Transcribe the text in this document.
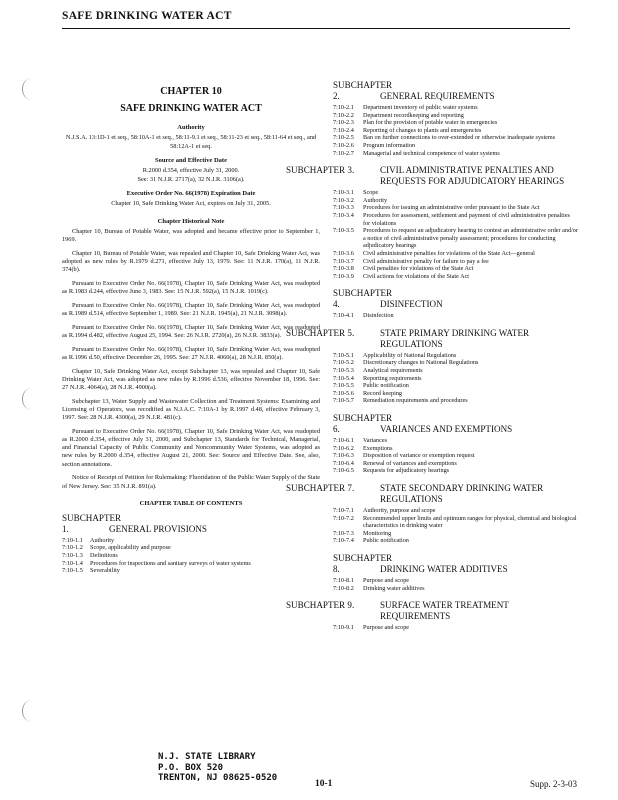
SAFE DRINKING WATER ACT
CHAPTER 10
SAFE DRINKING WATER ACT
Authority
N.J.S.A. 13:1D-1 et seq., 58:10A-1 et seq., 58:11-9.1 et seq., 58:11-23 et seq., 58:11-64 et seq., and 58:12A-1 et seq.
Source and Effective Date
R.2000 d.354, effective July 31, 2000.
See: 31 N.J.R. 2717(a), 32 N.J.R. 3106(a).
Executive Order No. 66(1978) Expiration Date
Chapter 10, Safe Drinking Water Act, expires on July 31, 2005.
Chapter Historical Note
Chapter 10, Bureau of Potable Water, was adopted and became effective prior to September 1, 1969.
Chapter 10, Bureau of Potable Water, was repealed and Chapter 10, Safe Drinking Water Act, was adopted as new rules by R.1979 d.271, effective July 13, 1979. See: 11 N.J.R. 170(a), 11 N.J.R. 374(b).
Pursuant to Executive Order No. 66(1978), Chapter 10, Safe Drinking Water Act, was readopted as R.1983 d.244, effective June 3, 1983. See: 15 N.J.R. 592(a), 15 N.J.R. 1019(c).
Pursuant to Executive Order No. 66(1978), Chapter 10, Safe Drinking Water Act, was readopted as R.1989 d.514, effective September 1, 1989. See: 21 N.J.R. 1945(a), 21 N.J.R. 3098(a).
Pursuant to Executive Order No. 66(1978), Chapter 10, Safe Drinking Water Act, was readopted as R.1994 d.482, effective August 25, 1994. See: 26 N.J.R. 2720(a), 26 N.J.R. 3833(a).
Pursuant to Executive Order No. 66(1978), Chapter 10, Safe Drinking Water Act, was readopted as R.1996 d.50, effective December 26, 1995. See: 27 N.J.R. 4060(a), 28 N.J.R. 850(a).
Chapter 10, Safe Drinking Water Act, except Subchapter 13, was repealed and Chapter 10, Safe Drinking Water Act, was adopted as new rules by R.1996 d.536, effective November 18, 1996. See: 27 N.J.R. 4064(a), 28 N.J.R. 4900(a).
Subchapter 13, Water Supply and Wastewater Collection and Treatment Systems: Examining and Licensing of Operators, was recodified as N.J.A.C. 7:10A-1 by R.1997 d.48, effective February 3, 1997. See: 28 N.J.R. 4300(a), 29 N.J.R. 481(c).
Pursuant to Executive Order No. 66(1978), Chapter 10, Safe Drinking Water Act, was readopted as R.2000 d.354, effective July 31, 2000, and Subchapter 13, Standards for Technical, Managerial, and Financial Capacity of Public Community and Noncommunity Water Systems, was adopted as new rules by R.2000 d.354, effective August 21, 2000. See: Source and Effective Date. See, also, section annotations.
Notice of Receipt of Petition for Rulemaking: Fluoridation of the Public Water Supply of the State of New Jersey. See: 35 N.J.R. 891(a).
CHAPTER TABLE OF CONTENTS
SUBCHAPTER 1.	GENERAL PROVISIONS
7:10-1.1	Authority
7:10-1.2	Scope, applicability and purpose
7:10-1.3	Definitions
7:10-1.4	Procedures for inspections and sanitary surveys of water systems
7:10-1.5	Severability
SUBCHAPTER 2.	GENERAL REQUIREMENTS
7:10-2.1	Department inventory of public water systems
7:10-2.2	Department recordkeeping and reporting
7:10-2.3	Plan for the provision of potable water in emergencies
7:10-2.4	Reporting of changes to plants and emergencies
7:10-2.5	Ban on further connections to over-extended or otherwise inadequate systems
7:10-2.6	Program information
7:10-2.7	Managerial and technical competence of water systems
SUBCHAPTER 3.	CIVIL ADMINISTRATIVE PENALTIES AND REQUESTS FOR ADJUDICATORY HEARINGS
7:10-3.1	Scope
7:10-3.2	Authority
7:10-3.3	Procedures for issuing an administrative order pursuant to the State Act
7:10-3.4	Procedures for assessment, settlement and payment of civil administrative penalties for violations
7:10-3.5	Procedures to request an adjudicatory hearing to contest an administrative order and/or a notice of civil administrative penalty assessment; procedures for conducting adjudicatory hearings
7:10-3.6	Civil administrative penalties for violations of the State Act—general
7:10-3.7	Civil administrative penalty for failure to pay a fee
7:10-3.8	Civil penalties for violations of the State Act
7:10-3.9	Civil actions for violations of the State Act
SUBCHAPTER 4.	DISINFECTION
7:10-4.1	Disinfection
SUBCHAPTER 5.	STATE PRIMARY DRINKING WATER REGULATIONS
7:10-5.1	Applicability of National Regulations
7:10-5.2	Discretionary changes to National Regulations
7:10-5.3	Analytical requirements
7:10-5.4	Reporting requirements
7:10-5.5	Public notification
7:10-5.6	Record keeping
7:10-5.7	Remediation requirements and procedures
SUBCHAPTER 6.	VARIANCES AND EXEMPTIONS
7:10-6.1	Variances
7:10-6.2	Exemptions
7:10-6.3	Disposition of variance or exemption request
7:10-6.4	Renewal of variances and exemptions
7:10-6.5	Requests for adjudicatory hearings
SUBCHAPTER 7.	STATE SECONDARY DRINKING WATER REGULATIONS
7:10-7.1	Authority, purpose and scope
7:10-7.2	Recommended upper limits and optimum ranges for physical, chemical and biological characteristics in drinking water
7:10-7.3	Monitoring
7:10-7.4	Public notification
SUBCHAPTER 8.	DRINKING WATER ADDITIVES
7:10-8.1	Purpose and scope
7:10-8.2	Drinking water additives
SUBCHAPTER 9.	SURFACE WATER TREATMENT REQUIREMENTS
7:10-9.1	Purpose and scope
N.J. STATE LIBRARY
P.O. BOX 520
TRENTON, NJ 08625-0520
10-1	Supp. 2-3-03
